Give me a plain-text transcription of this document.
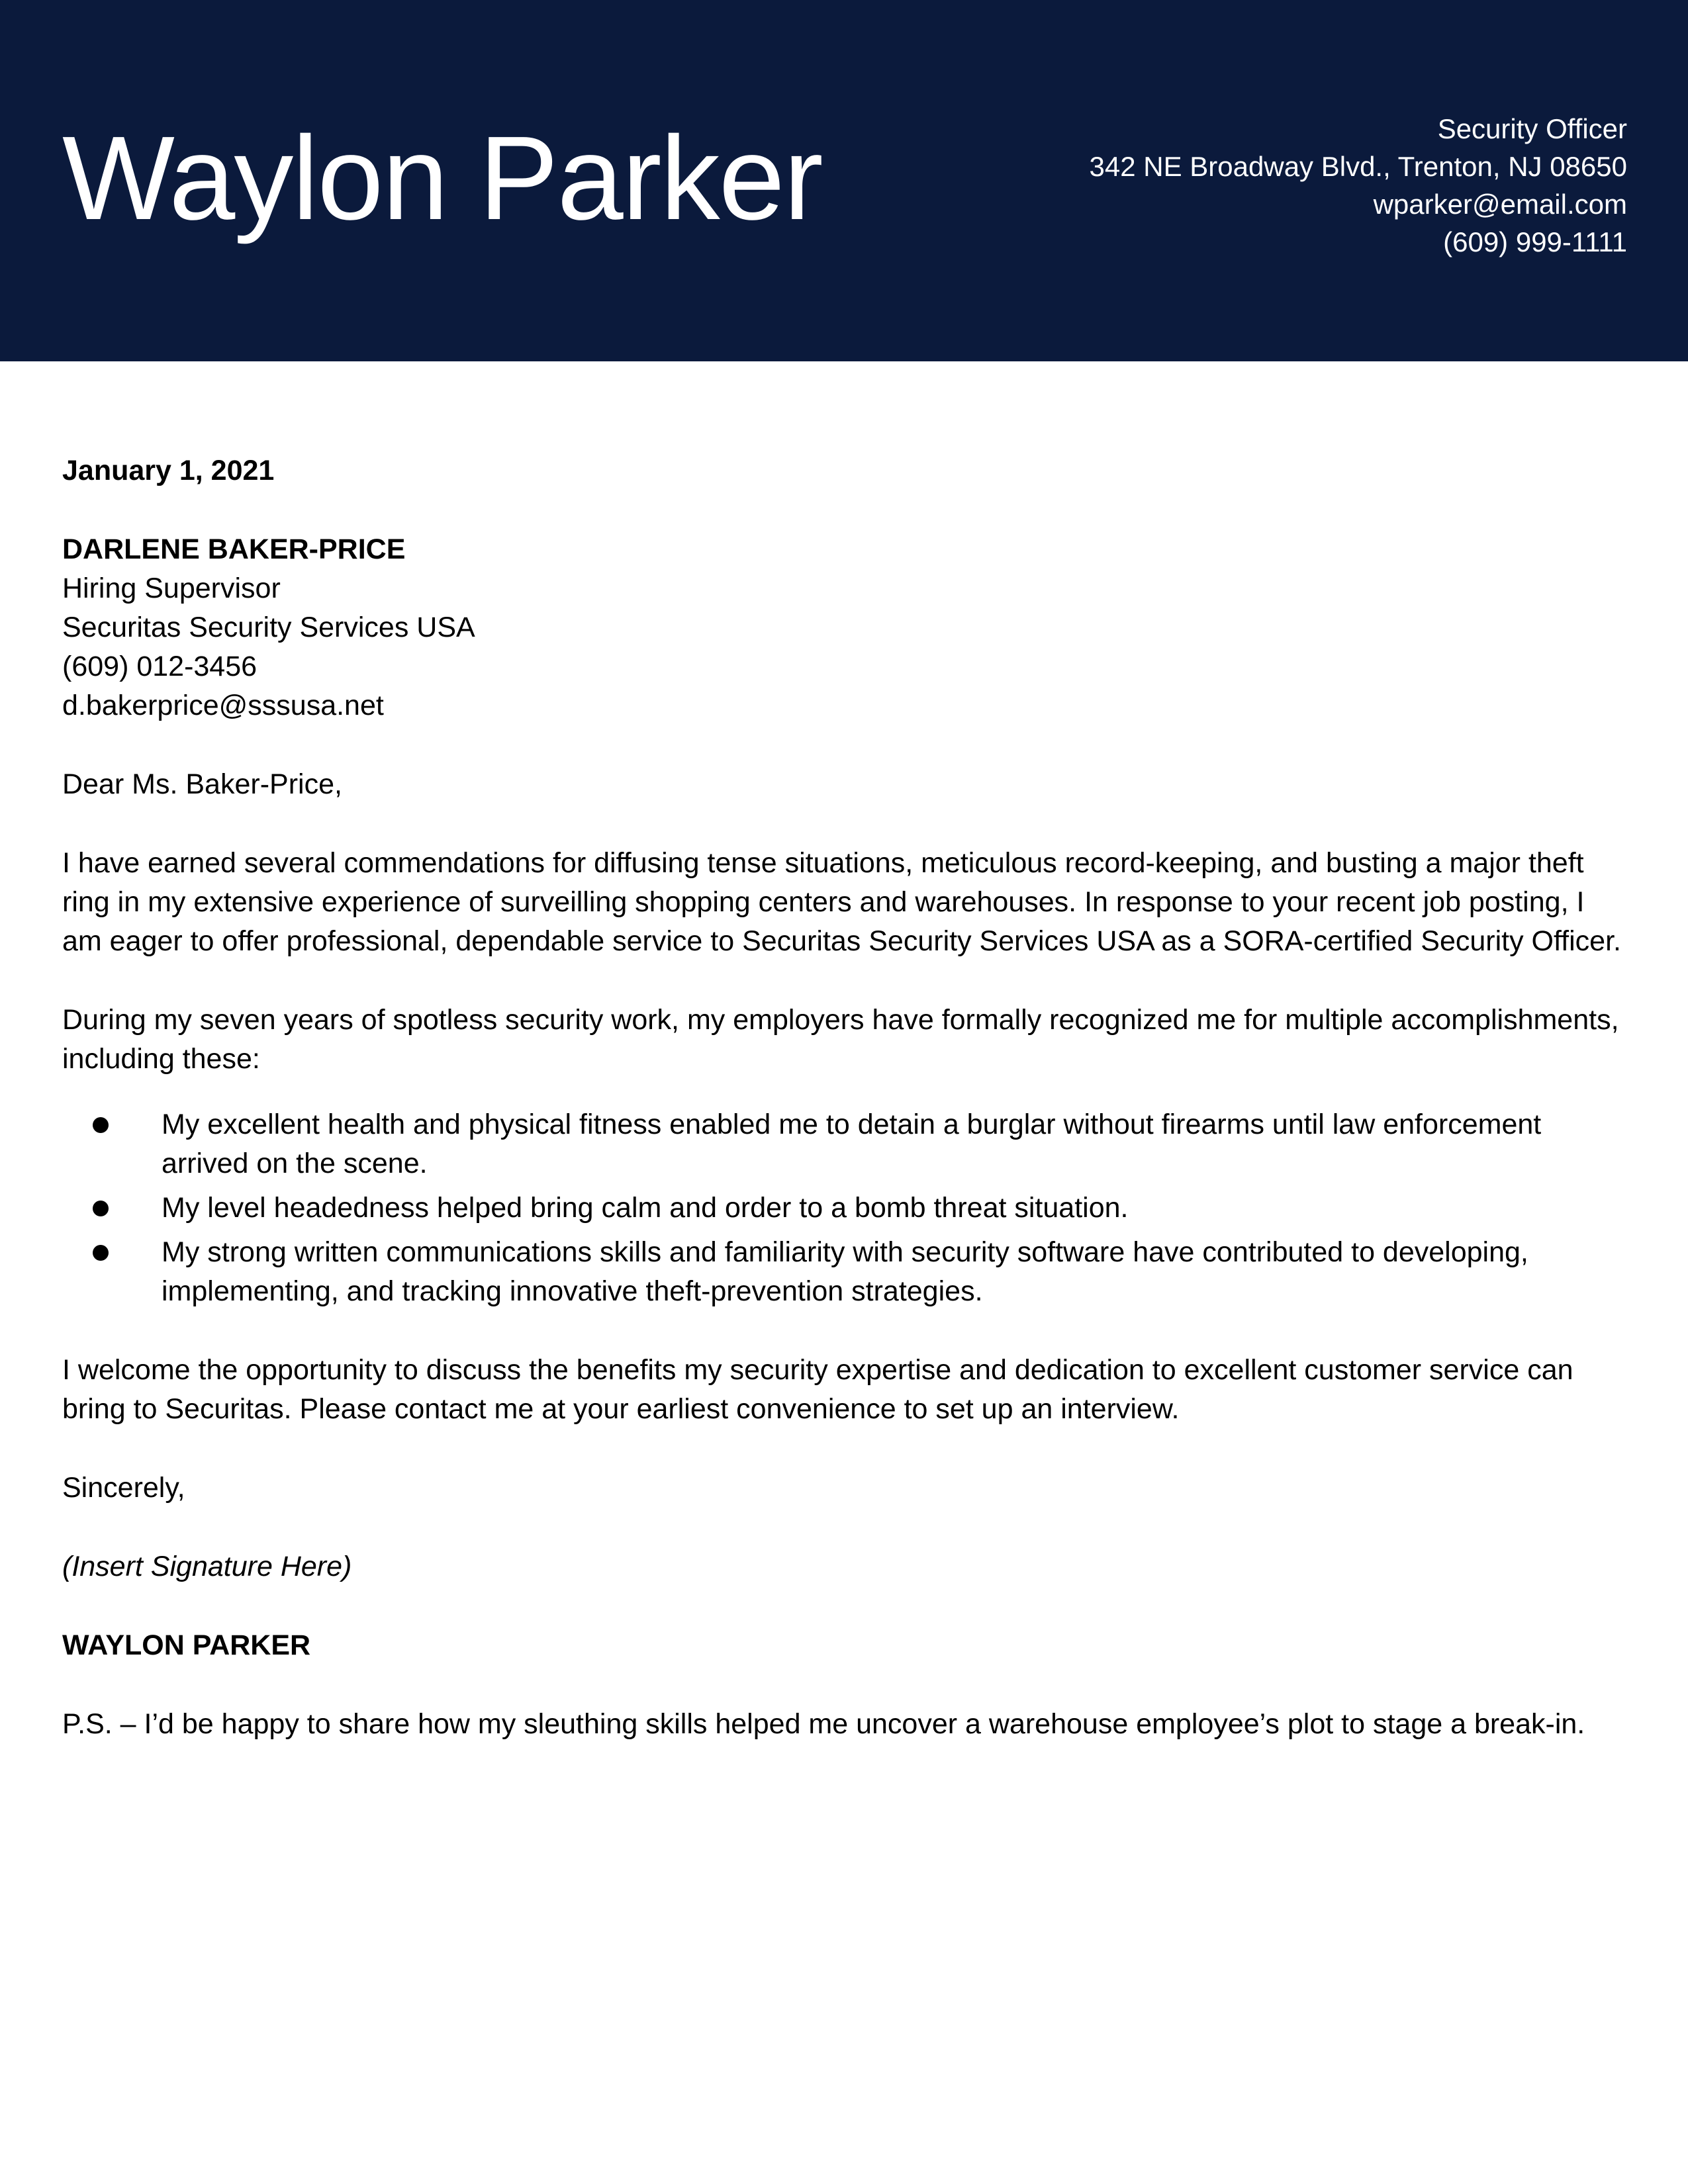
Waylon Parker	Security Officer
342 NE Broadway Blvd., Trenton, NJ 08650
wparker@email.com
(609) 999-1111
January 1, 2021
DARLENE BAKER-PRICE
Hiring Supervisor
Securitas Security Services USA
(609) 012-3456
d.bakerprice@sssusa.net
Dear Ms. Baker-Price,
I have earned several commendations for diffusing tense situations, meticulous record-keeping, and busting a major theft ring in my extensive experience of surveilling shopping centers and warehouses. In response to your recent job posting, I am eager to offer professional, dependable service to Securitas Security Services USA as a SORA-certified Security Officer.
During my seven years of spotless security work, my employers have formally recognized me for multiple accomplishments, including these:
My excellent health and physical fitness enabled me to detain a burglar without firearms until law enforcement arrived on the scene.
My level headedness helped bring calm and order to a bomb threat situation.
My strong written communications skills and familiarity with security software have contributed to developing, implementing, and tracking innovative theft-prevention strategies.
I welcome the opportunity to discuss the benefits my security expertise and dedication to excellent customer service can bring to Securitas. Please contact me at your earliest convenience to set up an interview.
Sincerely,
(Insert Signature Here)
WAYLON PARKER
P.S. – I’d be happy to share how my sleuthing skills helped me uncover a warehouse employee’s plot to stage a break-in.
